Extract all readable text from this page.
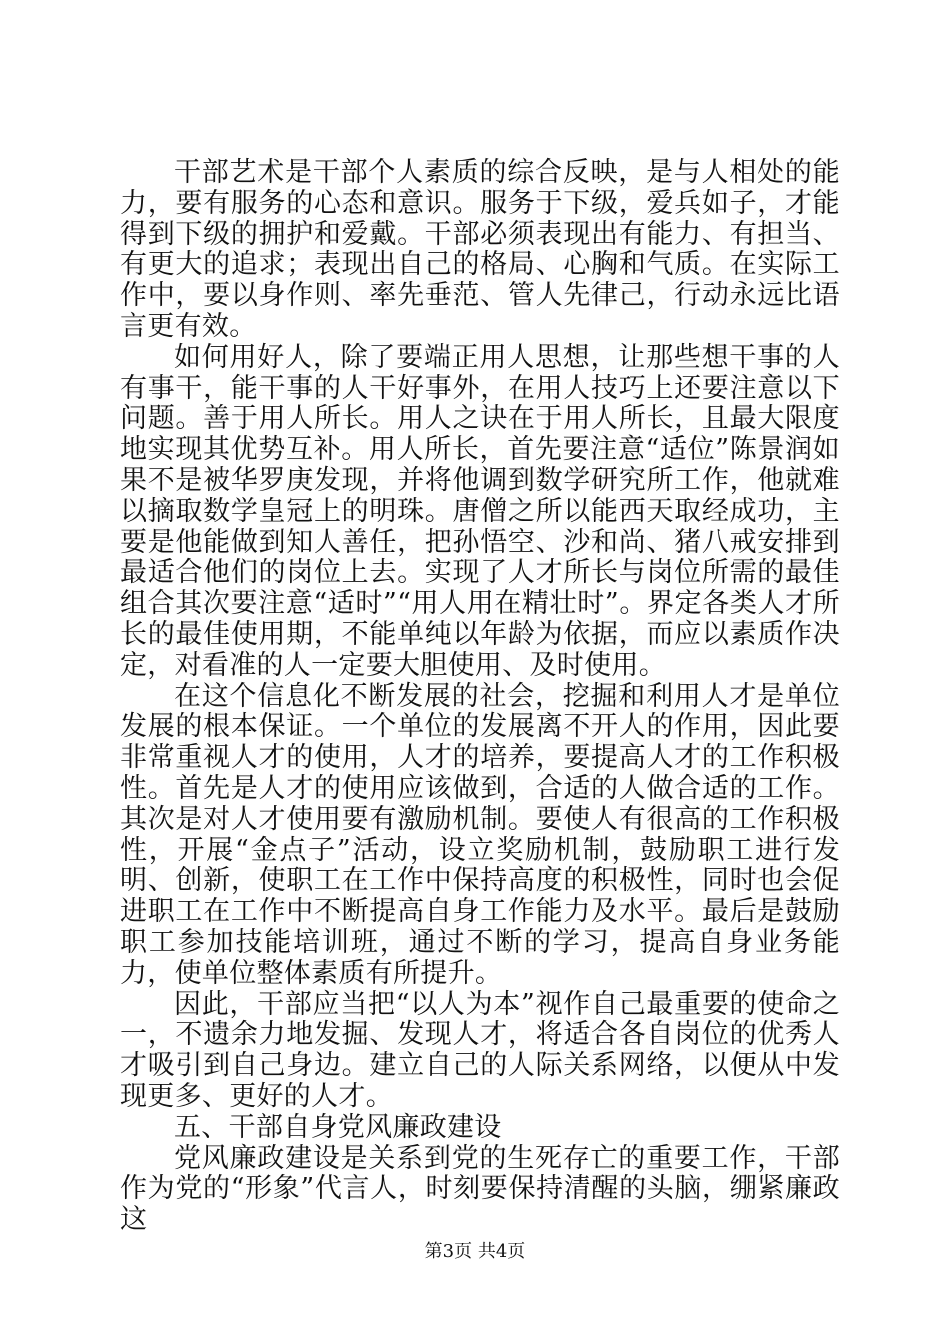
干部艺术是干部个人素质的综合反映，是与人相处的能力，要有服务的心态和意识。服务于下级，爱兵如子，才能得到下级的拥护和爱戴。干部必须表现出有能力、有担当、有更大的追求；表现出自己的格局、心胸和气质。在实际工作中，要以身作则、率先垂范、管人先律己，行动永远比语言更有效。

如何用好人，除了要端正用人思想，让那些想干事的人有事干，能干事的人干好事外，在用人技巧上还要注意以下问题。善于用人所长。用人之诀在于用人所长，且最大限度地实现其优势互补。用人所长，首先要注意“适位”陈景润如果不是被华罗庚发现，并将他调到数学研究所工作，他就难以摘取数学皇冠上的明珠。唐僧之所以能西天取经成功，主要是他能做到知人善任，把孙悟空、沙和尚、猪八戒安排到最适合他们的岗位上去。实现了人才所长与岗位所需的最佳组合其次要注意“适时”“用人用在精壮时”。界定各类人才所长的最佳使用期，不能单纯以年龄为依据，而应以素质作决定，对看准的人一定要大胆使用、及时使用。

在这个信息化不断发展的社会，挖掘和利用人才是单位发展的根本保证。一个单位的发展离不开人的作用，因此要非常重视人才的使用，人才的培养，要提高人才的工作积极性。首先是人才的使用应该做到，合适的人做合适的工作。其次是对人才使用要有激励机制。要使人有很高的工作积极性，开展“金点子”活动，设立奖励机制，鼓励职工进行发明、创新，使职工在工作中保持高度的积极性，同时也会促进职工在工作中不断提高自身工作能力及水平。最后是鼓励职工参加技能培训班，通过不断的学习，提高自身业务能力，使单位整体素质有所提升。

因此，干部应当把“以人为本”视作自己最重要的使命之一，不遗余力地发掘、发现人才，将适合各自岗位的优秀人才吸引到自己身边。建立自己的人际关系网络，以便从中发现更多、更好的人才。

五、干部自身党风廉政建设

党风廉政建设是关系到党的生死存亡的重要工作，干部作为党的“形象”代言人，时刻要保持清醒的头脑，绷紧廉政这

第3页 共4页
